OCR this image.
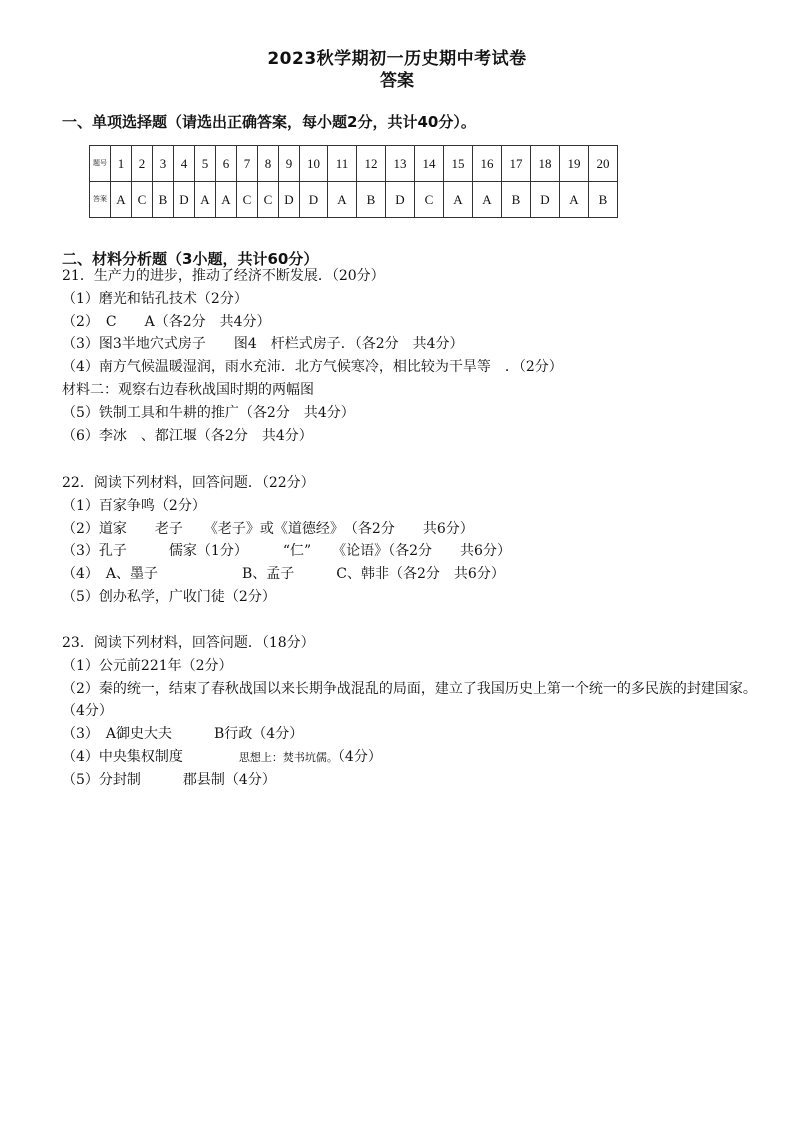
2023秋学期初一历史期中考试卷
答案
一、单项选择题（请选出正确答案，每小题2分，共计40分）。
题号	1	2	3	4	5	6	7	8	9	10	11	12	13	14	15	16	17	18	19	20
答案	A	C	B	D	A	A	C	C	D	D	A	B	D	C	A	A	B	D	A	B
二、材料分析题（3小题，共计60分）
21．生产力的进步，推动了经济不断发展．（20分）
（1）磨光和钻孔技术（2分）
（2）　C　　A（各2分　共4分）
（3）图3半地穴式房子　　图4　杆栏式房子．（各2分　共4分）
（4）南方气候温暖湿润，雨水充沛．北方气候寒冷，相比较为干旱等　．（2分）
材料二：观察右边春秋战国时期的两幅图
（5）铁制工具和牛耕的推广（各2分　共4分）
（6）李冰　、都江堰（各2分　共4分）
22．阅读下列材料，回答问题．（22分）
（1）百家争鸣（2分）
（2）道家　　老子　　《老子》或《道德经》　（各2分　　共6分）
（3）孔子　　　儒家（1分）　　　“仁”　　《论语》（各2分　　共6分）
（4）　A、墨子　　　　　　B、孟子　　　C、韩非（各2分　共6分）
（5）创办私学，广收门徒（2分）
23．阅读下列材料，回答问题．（18分）
（1）公元前221年（2分）
（2）秦的统一，结束了春秋战国以来长期争战混乱的局面，建立了我国历史上第一个统一的多民族的封建国家。（4分）
（3）　A御史大夫　　　B行政（4分）
（4）中央集权制度　　　　思想上：焚书坑儒。（4分）
（5）分封制　　　郡县制（4分）
